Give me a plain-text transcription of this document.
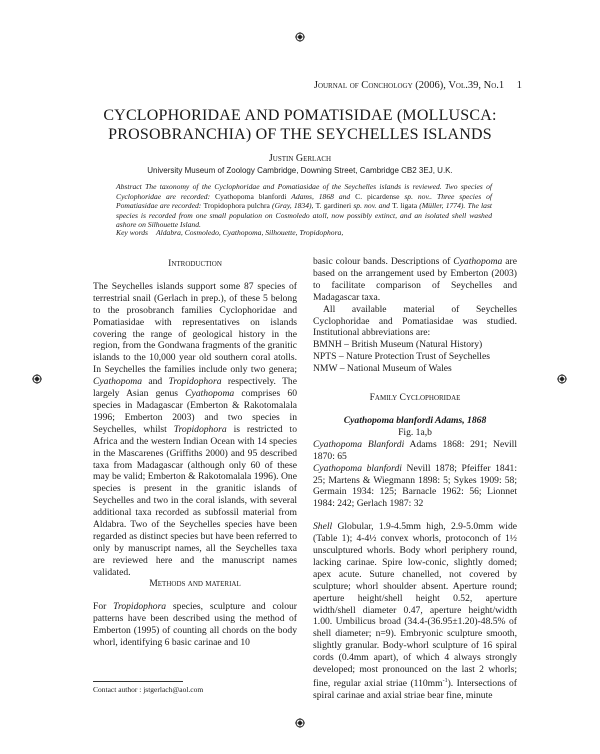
Journal of Conchology (2006), Vol.39, No.1 1
CYCLOPHORIDAE AND POMATISIDAE (MOLLUSCA:
PROSOBRANCHIA) OF THE SEYCHELLES ISLANDS
Justin Gerlach
University Museum of Zoology Cambridge, Downing Street, Cambridge CB2 3EJ, U.K.
Abstract The taxonomy of the Cyclophoridae and Pomatiasidae of the Seychelles islands is reviewed. Two species of Cyclophoridae are recorded: Cyathopoma blanfordi Adams, 1868 and C. picardense sp. nov.. Three species of Pomatiasidae are recorded: Tropidophora pulchra (Gray, 1834), T. gardineri sp. nov. and T. ligata (Müller, 1774). The last species is recorded from one small population on Cosmoledo atoll, now possibly extinct, and an isolated shell washed ashore on Silhouette Island.
Key words Aldabra, Cosmoledo, Cyathopoma, Silhouette, Tropidophora,
Introduction
The Seychelles islands support some 87 species of terrestrial snail (Gerlach in prep.), of these 5 belong to the prosobranch families Cyclophoridae and Pomatiasidae with representatives on islands covering the range of geological history in the region, from the Gondwana fragments of the granitic islands to the 10,000 year old southern coral atolls. In Seychelles the families include only two genera; Cyathopoma and Tropidophora respectively. The largely Asian genus Cyathopoma comprises 60 species in Madagascar (Emberton & Rakotomalala 1996; Emberton 2003) and two species in Seychelles, whilst Tropidophora is restricted to Africa and the western Indian Ocean with 14 species in the Mascarenes (Griffiths 2000) and 95 described taxa from Madagascar (although only 60 of these may be valid; Emberton & Rakotomalala 1996). One species is present in the granitic islands of Seychelles and two in the coral islands, with several additional taxa recorded as subfossil material from Aldabra. Two of the Seychelles species have been regarded as distinct species but have been referred to only by manuscript names, all the Seychelles taxa are reviewed here and the manuscript names validated.
Methods and material
For Tropidophora species, sculpture and colour patterns have been described using the method of Emberton (1995) of counting all chords on the body whorl, identifying 6 basic carinae and 10
Contact author : jstgerlach@aol.com
basic colour bands. Descriptions of Cyathopoma are based on the arrangement used by Emberton (2003) to facilitate comparison of Seychelles and Madagascar taxa.
All available material of Seychelles Cyclophoridae and Pomatiasidae was studied. Institutional abbreviations are:
BMNH – British Museum (Natural History)
NPTS – Nature Protection Trust of Seychelles
NMW – National Museum of Wales
Family Cyclophoridae
Cyathopoma blanfordi Adams, 1868
Fig. 1a,b

Cyathopoma Blanfordi Adams 1868: 291; Nevill 1870: 65

Cyathopoma blanfordi Nevill 1878; Pfeiffer 1841: 25; Martens & Wiegmann 1898: 5; Sykes 1909: 58; Germain 1934: 125; Barnacle 1962: 56; Lionnet 1984: 242; Gerlach 1987: 32

Shell Globular, 1.9-4.5mm high, 2.9-5.0mm wide (Table 1); 4-4½ convex whorls, protoconch of 1½ unsculptured whorls. Body whorl periphery round, lacking carinae. Spire low-conic, slightly domed; apex acute. Suture chanelled, not covered by sculpture; whorl shoulder absent. Aperture round; aperture height/shell height 0.52, aperture width/shell diameter 0.47, aperture height/width 1.00. Umbilicus broad (34.4-(36.95±1.20)-48.5% of shell diameter; n=9). Embryonic sculpture smooth, slightly granular. Body-whorl sculpture of 16 spiral cords (0.4mm apart), of which 4 always strongly developed; most pronounced on the last 2 whorls; fine, regular axial striae $(110mm^{-1})$. Intersections of spiral carinae and axial striae bear fine, minute
